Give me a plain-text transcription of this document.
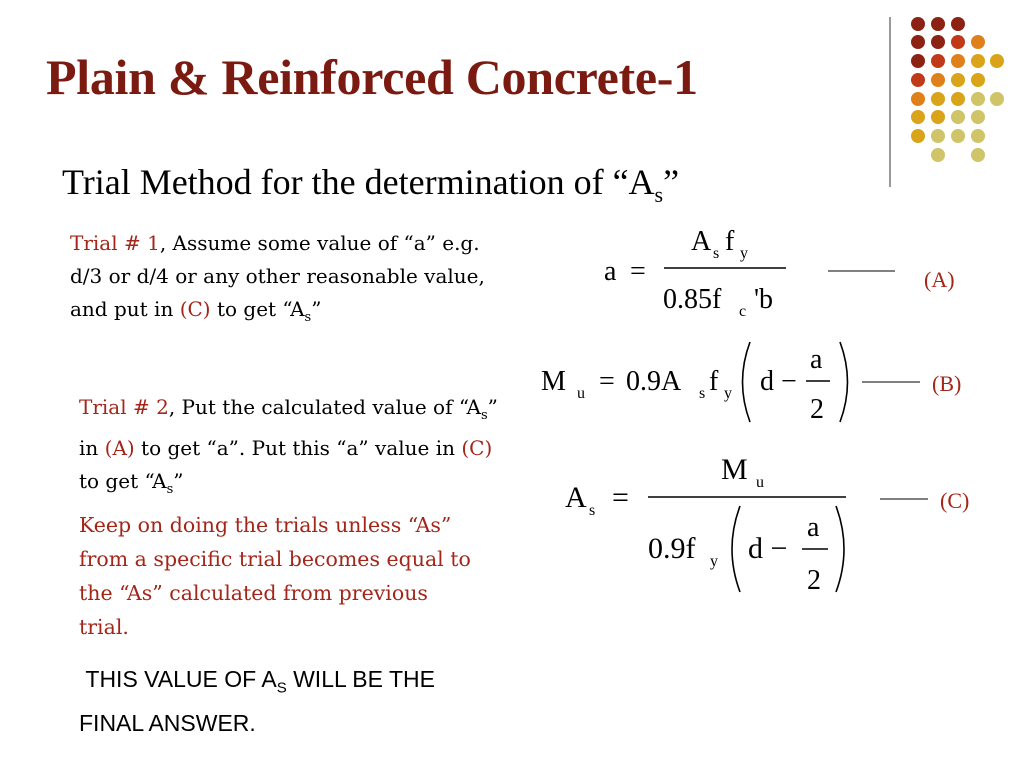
Plain & Reinforced Concrete-1
Trial Method for the determination of “$A_s$”

Trial # 1, Assume some value of “a” e.g. d/3 or d/4 or any other reasonable value, and put in (C) to get “$A_s$”

Trial # 2, Put the calculated value of “$A_s$” in (A) to get “a”. Put this “a” value in (C) to get “$A_s$”

Keep on doing the trials unless “As” from a specific trial becomes equal to the “As” calculated from previous trial.

THIS VALUE OF $A_S$ WILL BE THE FINAL ANSWER.

a =
A s f y
0.85f c 'b
(A)
M u = 0.9A s f y d −
a
2
(B)
A s =
M u
0.9f y d −
a
2
(C)
